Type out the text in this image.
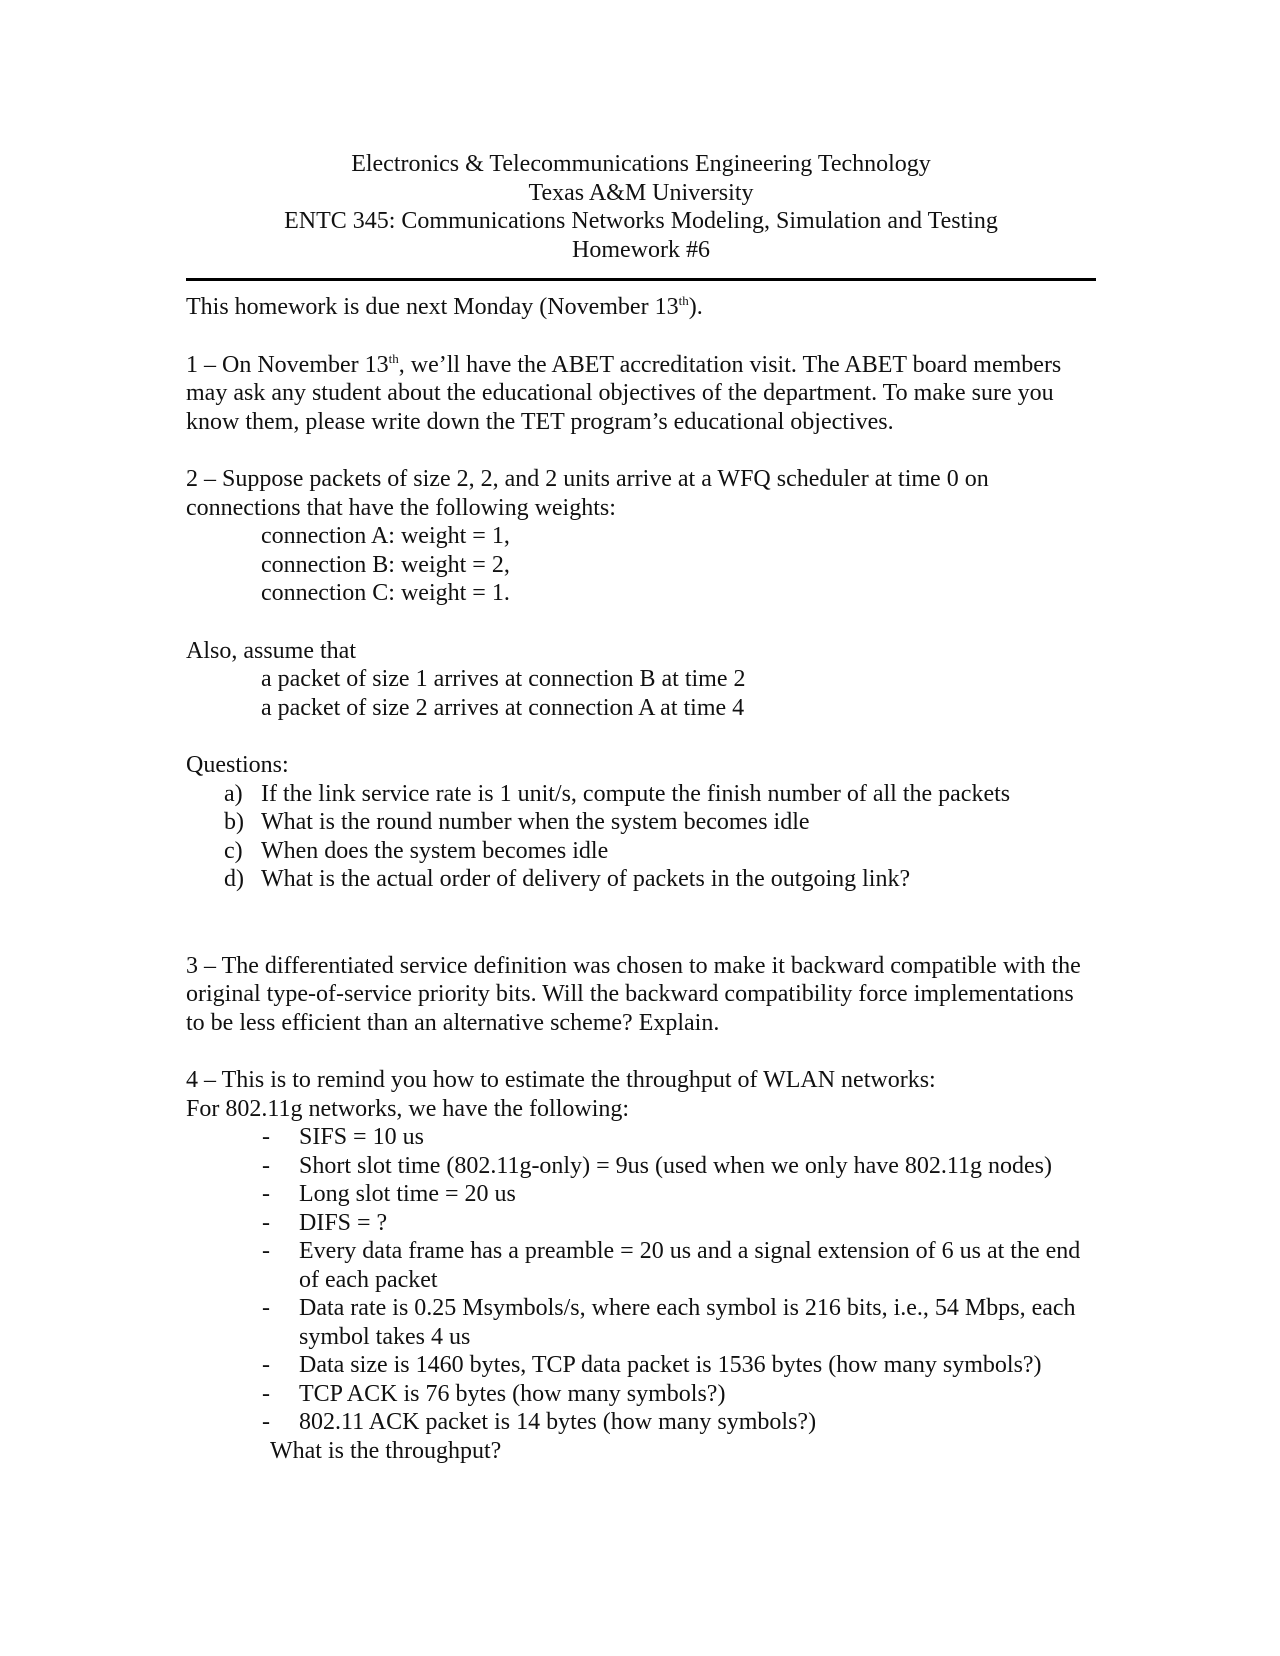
Electronics & Telecommunications Engineering Technology
Texas A&M University
ENTC 345: Communications Networks Modeling, Simulation and Testing
Homework #6

This homework is due next Monday (November 13th).

1 – On November 13th, we’ll have the ABET accreditation visit. The ABET board members may ask any student about the educational objectives of the department. To make sure you know them, please write down the TET program’s educational objectives.

2 – Suppose packets of size 2, 2, and 2 units arrive at a WFQ scheduler at time 0 on connections that have the following weights:

connection A: weight = 1,

connection B: weight = 2,

connection C: weight = 1.

Also, assume that

a packet of size 1 arrives at connection B at time 2

a packet of size 2 arrives at connection A at time 4

Questions:

a) If the link service rate is 1 unit/s, compute the finish number of all the packets
b) What is the round number when the system becomes idle
c) When does the system becomes idle
d) What is the actual order of delivery of packets in the outgoing link?

3 – The differentiated service definition was chosen to make it backward compatible with the original type-of-service priority bits. Will the backward compatibility force implementations to be less efficient than an alternative scheme? Explain.

4 – This is to remind you how to estimate the throughput of WLAN networks:

For 802.11g networks, we have the following:

- SIFS = 10 us
- Short slot time (802.11g-only) = 9us (used when we only have 802.11g nodes)
- Long slot time = 20 us
- DIFS = ?
- Every data frame has a preamble = 20 us and a signal extension of 6 us at the end of each packet
- Data rate is 0.25 Msymbols/s, where each symbol is 216 bits, i.e., 54 Mbps, each symbol takes 4 us
- Data size is 1460 bytes, TCP data packet is 1536 bytes (how many symbols?)
- TCP ACK is 76 bytes (how many symbols?)
- 802.11 ACK packet is 14 bytes (how many symbols?)

What is the throughput?
